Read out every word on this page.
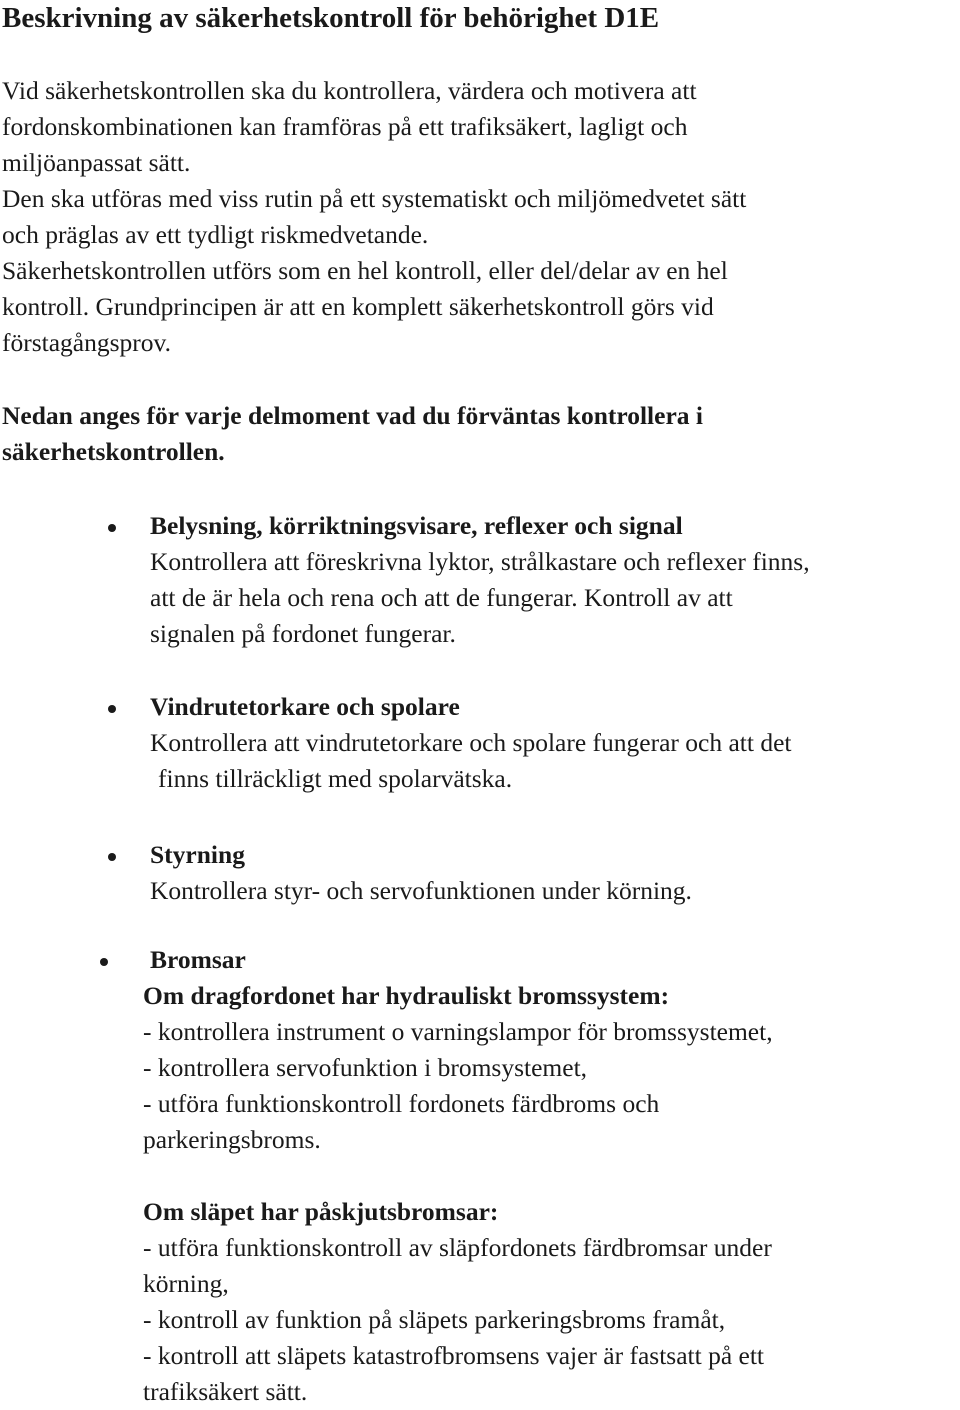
Beskrivning av säkerhetskontroll för behörighet D1E

Vid säkerhetskontrollen ska du kontrollera, värdera och motivera att

fordonskombinationen kan framföras på ett trafiksäkert, lagligt och

miljöanpassat sätt.

Den ska utföras med viss rutin på ett systematiskt och miljömedvetet sätt

och präglas av ett tydligt riskmedvetande.

Säkerhetskontrollen utförs som en hel kontroll, eller del/delar av en hel

kontroll. Grundprincipen är att en komplett säkerhetskontroll görs vid

förstagångsprov.

Nedan anges för varje delmoment vad du förväntas kontrollera i

säkerhetskontrollen.

Belysning, körriktningsvisare, reflexer och signal

Kontrollera att föreskrivna lyktor, strålkastare och reflexer finns,

att de är hela och rena och att de fungerar. Kontroll av att

signalen på fordonet fungerar.

Vindrutetorkare och spolare

Kontrollera att vindrutetorkare och spolare fungerar och att det

finns tillräckligt med spolarvätska.

Styrning

Kontrollera styr- och servofunktionen under körning.

Bromsar

Om dragfordonet har hydrauliskt bromssystem:

- kontrollera instrument o varningslampor för bromssystemet,

- kontrollera servofunktion i bromsystemet,

- utföra funktionskontroll fordonets färdbroms och

parkeringsbroms.

Om släpet har påskjutsbromsar:

- utföra funktionskontroll av släpfordonets färdbromsar under

körning,

- kontroll av funktion på släpets parkeringsbroms framåt,

- kontroll att släpets katastrofbromsens vajer är fastsatt på ett

trafiksäkert sätt.
